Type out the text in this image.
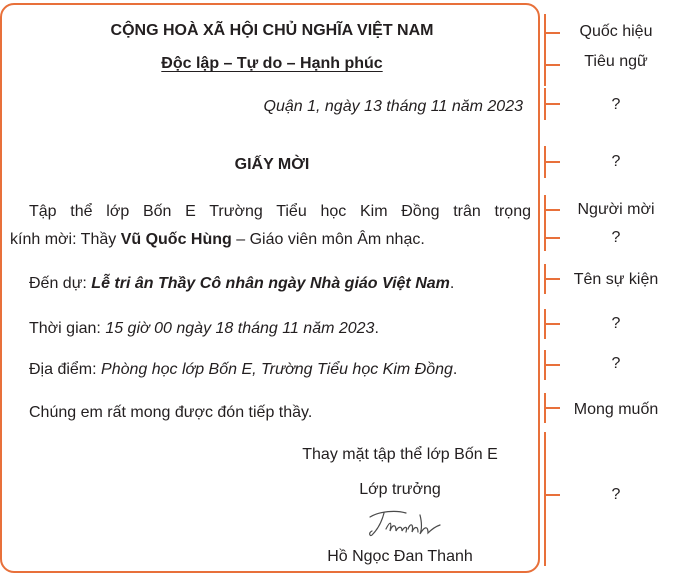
CỘNG HOÀ XÃ HỘI CHỦ NGHĨA VIỆT NAM
Độc lập – Tự do – Hạnh phúc
Quận 1, ngày 13 tháng 11 năm 2023
GIẤY MỜI
Tập thể lớp Bốn E Trường Tiểu học Kim Đồng trân trọng
kính mời: Thầy Vũ Quốc Hùng – Giáo viên môn Âm nhạc.
Đến dự: Lễ tri ân Thầy Cô nhân ngày Nhà giáo Việt Nam.
Thời gian: 15 giờ 00 ngày 18 tháng 11 năm 2023.
Địa điểm: Phòng học lớp Bốn E, Trường Tiểu học Kim Đồng.
Chúng em rất mong được đón tiếp thầy.
Thay mặt tập thể lớp Bốn E
Lớp trưởng
Hồ Ngọc Đan Thanh
Quốc hiệu
Tiêu ngữ
?
?
Người mời
?
Tên sự kiện
?
?
Mong muốn
?
